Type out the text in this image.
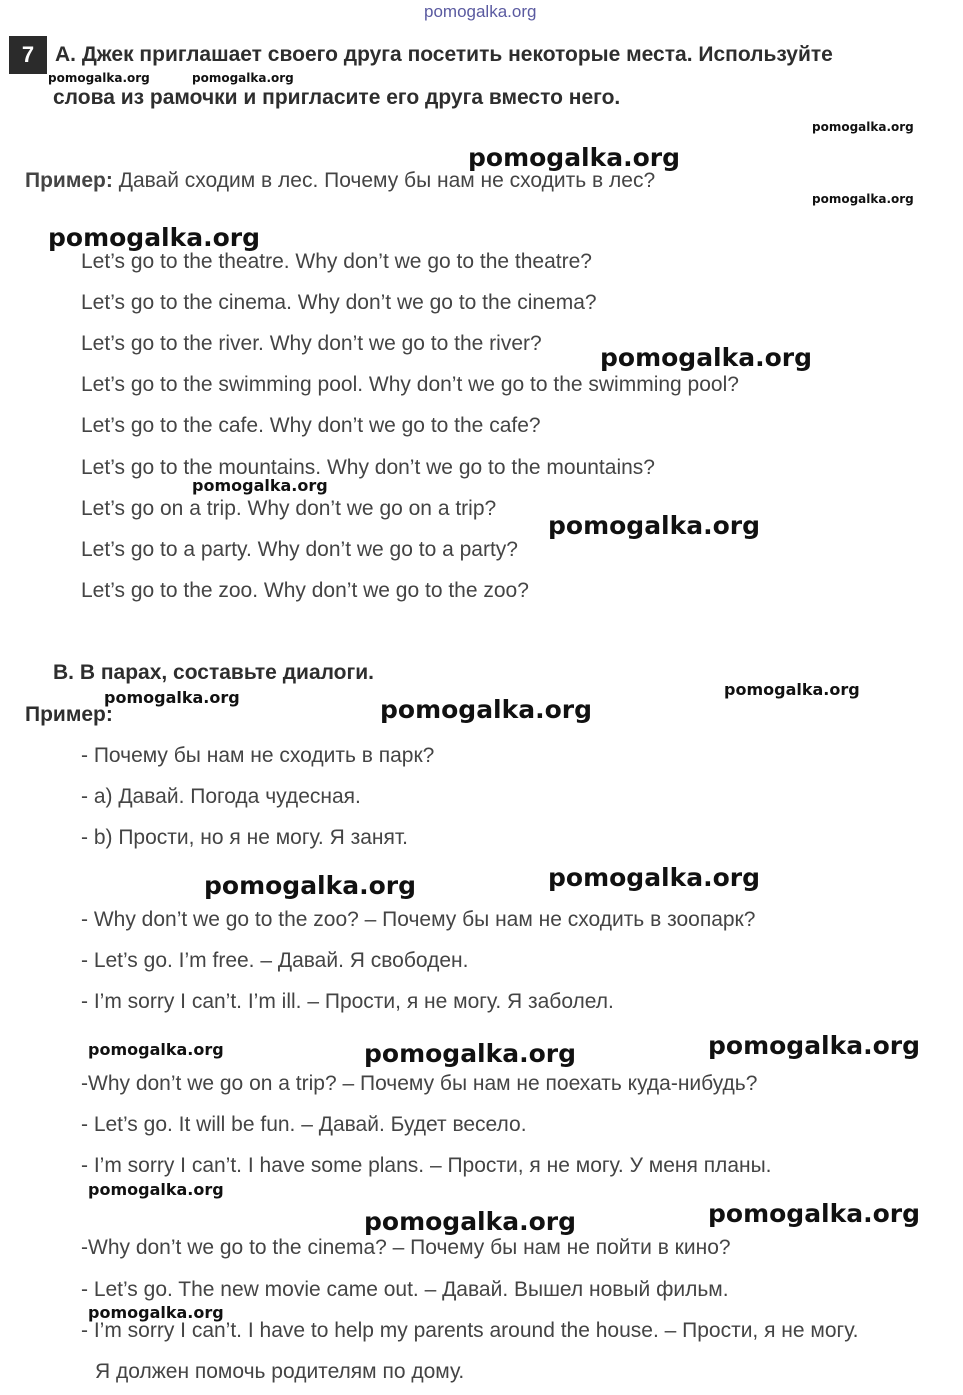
pomogalka.org
7 A. Джек приглашает своего друга посетить некоторые места. Используйте
слова из рамочки и пригласите его друга вместо него.
Пример: Давай сходим в лес. Почему бы нам не сходить в лес?
Let’s go to the theatre. Why don’t we go to the theatre?
Let’s go to the cinema. Why don’t we go to the cinema?
Let’s go to the river. Why don’t we go to the river?
Let’s go to the swimming pool. Why don’t we go to the swimming pool?
Let’s go to the cafe. Why don’t we go to the cafe?
Let’s go to the mountains. Why don’t we go to the mountains?
Let’s go on a trip. Why don’t we go on a trip?
Let’s go to a party. Why don’t we go to a party?
Let’s go to the zoo. Why don’t we go to the zoo?
B. В парах, составьте диалоги.
Пример:
- Почему бы нам не сходить в парк?
- a) Давай. Погода чудесная.
- b) Прости, но я не могу. Я занят.
- Why don’t we go to the zoo? – Почему бы нам не сходить в зоопарк?
- Let’s go. I’m free. – Давай. Я свободен.
- I’m sorry I can’t. I’m ill. – Прости, я не могу. Я заболел.
-Why don’t we go on a trip? – Почему бы нам не поехать куда-нибудь?
- Let’s go. It will be fun. – Давай. Будет весело.
- I’m sorry I can’t. I have some plans. – Прости, я не могу. У меня планы.
-Why don’t we go to the cinema? – Почему бы нам не пойти в кино?
- Let’s go. The new movie came out. – Давай. Вышел новый фильм.
- I’m sorry I can’t. I have to help my parents around the house. – Прости, я не могу.
Я должен помочь родителям по дому.
pomogalka.org	pomogalka.org
pomogalka.org
pomogalka.org
pomogalka.org
pomogalka.org
pomogalka.org
pomogalka.org
pomogalka.org
pomogalka.org	pomogalka.org
pomogalka.org
pomogalka.org	pomogalka.org
pomogalka.org	pomogalka.org	pomogalka.org
pomogalka.org
pomogalka.org	pomogalka.org
pomogalka.org
